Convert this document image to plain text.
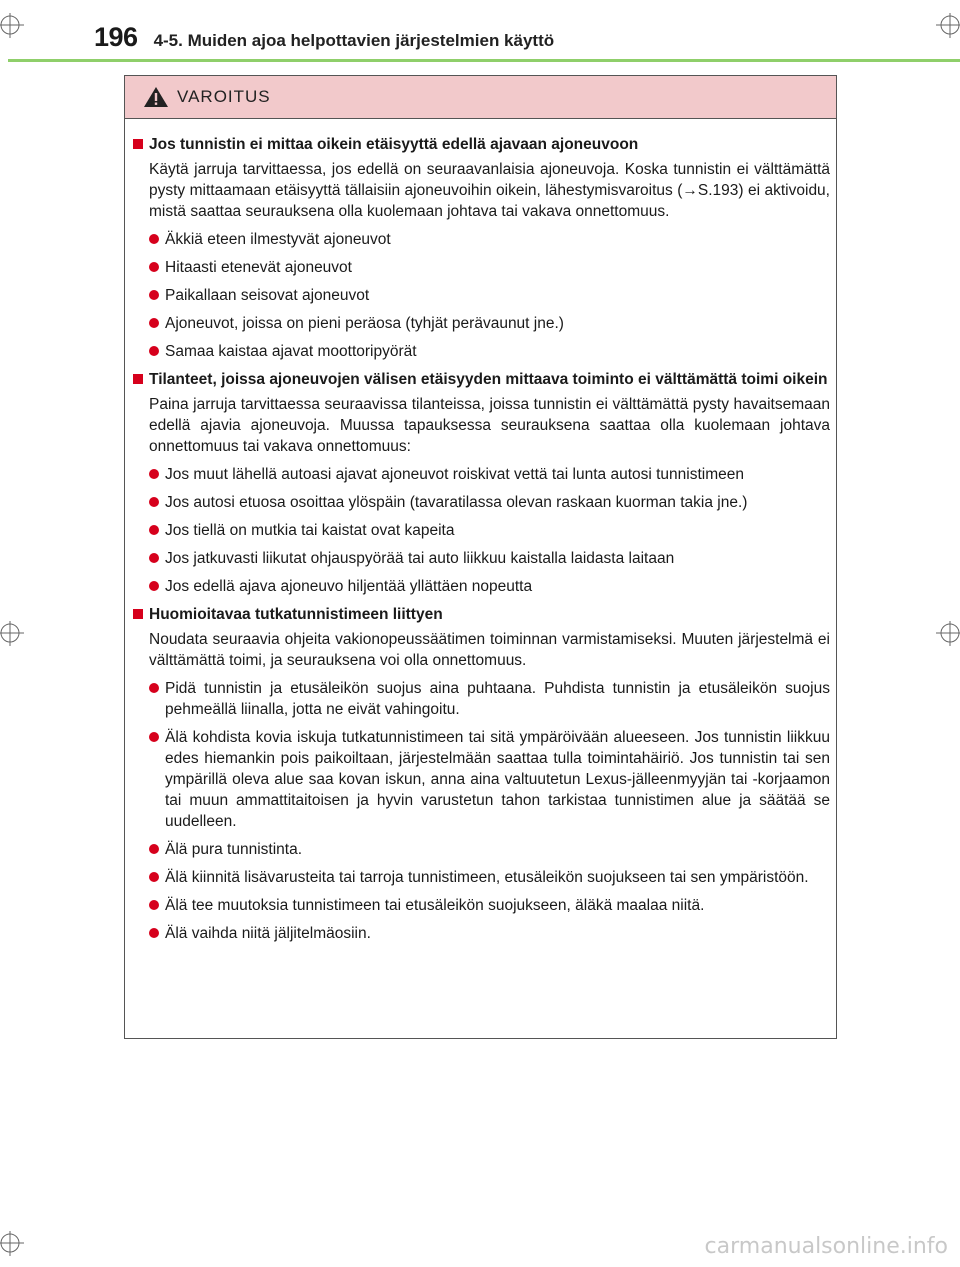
196 4-5. Muiden ajoa helpottavien järjestelmien käyttö
VAROITUS
Jos tunnistin ei mittaa oikein etäisyyttä edellä ajavaan ajoneuvoon
Käytä jarruja tarvittaessa, jos edellä on seuraavanlaisia ajoneuvoja. Koska tunnistin ei välttämättä pysty mittaamaan etäisyyttä tällaisiin ajoneuvoihin oikein, lähestymisvaroitus (→S.193) ei aktivoidu, mistä saattaa seurauksena olla kuolemaan johtava tai vakava onnettomuus.
Äkkiä eteen ilmestyvät ajoneuvot
Hitaasti etenevät ajoneuvot
Paikallaan seisovat ajoneuvot
Ajoneuvot, joissa on pieni peräosa (tyhjät perävaunut jne.)
Samaa kaistaa ajavat moottoripyörät
Tilanteet, joissa ajoneuvojen välisen etäisyyden mittaava toiminto ei välttämättä toimi oikein
Paina jarruja tarvittaessa seuraavissa tilanteissa, joissa tunnistin ei välttämättä pysty havaitsemaan edellä ajavia ajoneuvoja. Muussa tapauksessa seurauksena saattaa olla kuolemaan johtava onnettomuus tai vakava onnettomuus:
Jos muut lähellä autoasi ajavat ajoneuvot roiskivat vettä tai lunta autosi tunnistimeen
Jos autosi etuosa osoittaa ylöspäin (tavaratilassa olevan raskaan kuorman takia jne.)
Jos tiellä on mutkia tai kaistat ovat kapeita
Jos jatkuvasti liikutat ohjauspyörää tai auto liikkuu kaistalla laidasta laitaan
Jos edellä ajava ajoneuvo hiljentää yllättäen nopeutta
Huomioitavaa tutkatunnistimeen liittyen
Noudata seuraavia ohjeita vakionopeussäätimen toiminnan varmistamiseksi. Muuten järjestelmä ei välttämättä toimi, ja seurauksena voi olla onnettomuus.
Pidä tunnistin ja etusäleikön suojus aina puhtaana. Puhdista tunnistin ja etusäleikön suojus pehmeällä liinalla, jotta ne eivät vahingoitu.
Älä kohdista kovia iskuja tutkatunnistimeen tai sitä ympäröivään alueeseen. Jos tunnistin liikkuu edes hiemankin pois paikoiltaan, järjestelmään saattaa tulla toimintahäiriö. Jos tunnistin tai sen ympärillä oleva alue saa kovan iskun, anna aina valtuutetun Lexus-jälleenmyyjän tai -korjaamon tai muun ammattitaitoisen ja hyvin varustetun tahon tarkistaa tunnistimen alue ja säätää se uudelleen.
Älä pura tunnistinta.
Älä kiinnitä lisävarusteita tai tarroja tunnistimeen, etusäleikön suojukseen tai sen ympäristöön.
Älä tee muutoksia tunnistimeen tai etusäleikön suojukseen, äläkä maalaa niitä.
Älä vaihda niitä jäljitelmäosiin.
carmanualsonline.info
